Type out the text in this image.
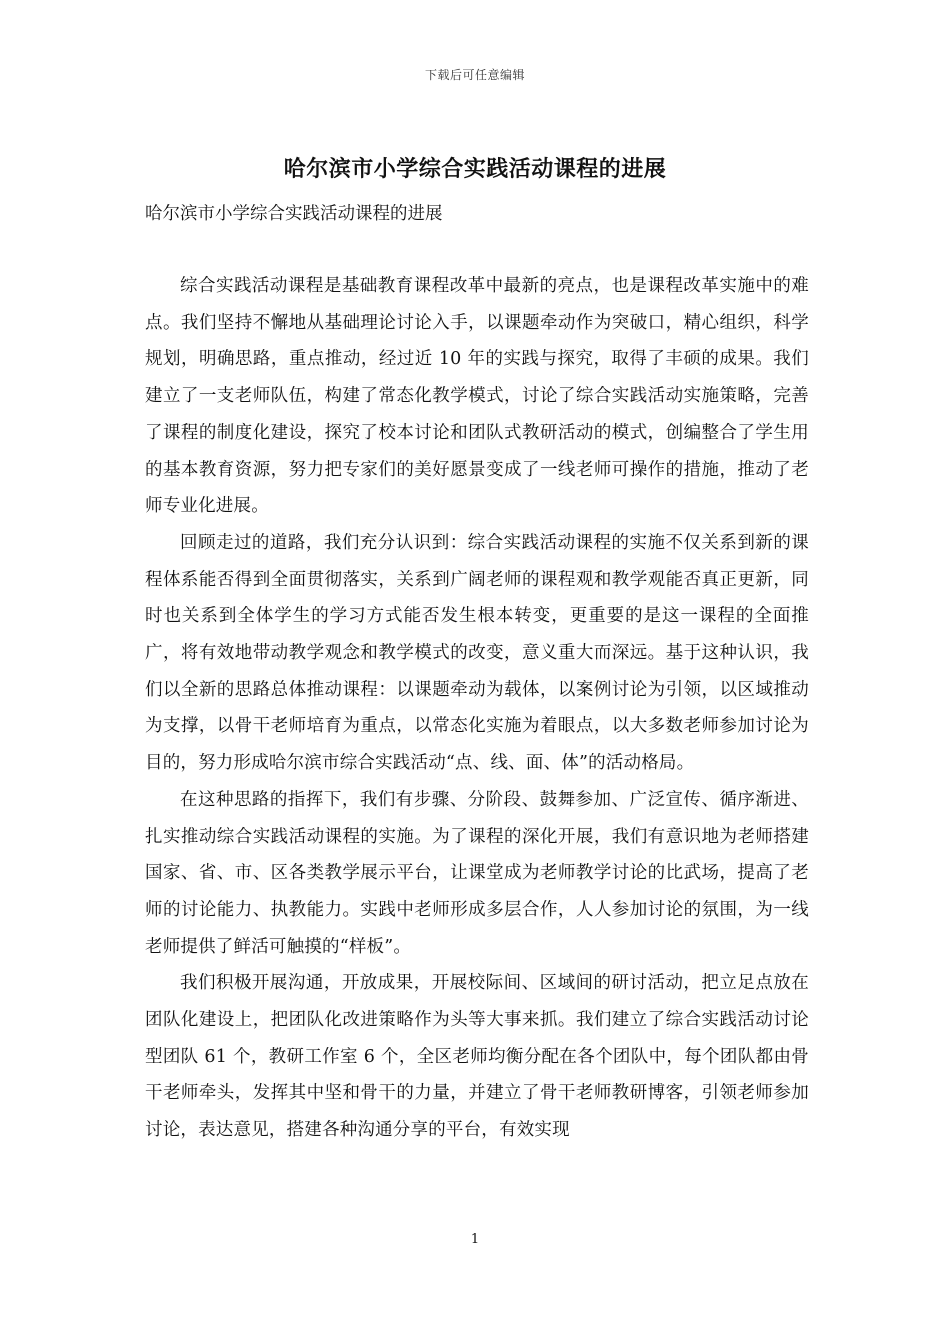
下载后可任意编辑
哈尔滨市小学综合实践活动课程的进展
哈尔滨市小学综合实践活动课程的进展

综合实践活动课程是基础教育课程改革中最新的亮点，也是课程改革实施中的难点。我们坚持不懈地从基础理论讨论入手，以课题牵动作为突破口，精心组织，科学规划，明确思路，重点推动，经过近 10 年的实践与探究，取得了丰硕的成果。我们建立了一支老师队伍，构建了常态化教学模式，讨论了综合实践活动实施策略，完善了课程的制度化建设，探究了校本讨论和团队式教研活动的模式，创编整合了学生用的基本教育资源，努力把专家们的美好愿景变成了一线老师可操作的措施，推动了老师专业化进展。

回顾走过的道路，我们充分认识到：综合实践活动课程的实施不仅关系到新的课程体系能否得到全面贯彻落实，关系到广阔老师的课程观和教学观能否真正更新，同时也关系到全体学生的学习方式能否发生根本转变，更重要的是这一课程的全面推广，将有效地带动教学观念和教学模式的改变，意义重大而深远。基于这种认识，我们以全新的思路总体推动课程：以课题牵动为载体，以案例讨论为引领，以区域推动为支撑，以骨干老师培育为重点，以常态化实施为着眼点，以大多数老师参加讨论为目的，努力形成哈尔滨市综合实践活动“点、线、面、体”的活动格局。

在这种思路的指挥下，我们有步骤、分阶段、鼓舞参加、广泛宣传、循序渐进、扎实推动综合实践活动课程的实施。为了课程的深化开展，我们有意识地为老师搭建国家、省、市、区各类教学展示平台，让课堂成为老师教学讨论的比武场，提高了老师的讨论能力、执教能力。实践中老师形成多层合作，人人参加讨论的氛围，为一线老师提供了鲜活可触摸的“样板”。

我们积极开展沟通，开放成果，开展校际间、区域间的研讨活动，把立足点放在团队化建设上，把团队化改进策略作为头等大事来抓。我们建立了综合实践活动讨论型团队 61 个，教研工作室 6 个，全区老师均衡分配在各个团队中，每个团队都由骨干老师牵头，发挥其中坚和骨干的力量，并建立了骨干老师教研博客，引领老师参加讨论，表达意见，搭建各种沟通分享的平台，有效实现

1
